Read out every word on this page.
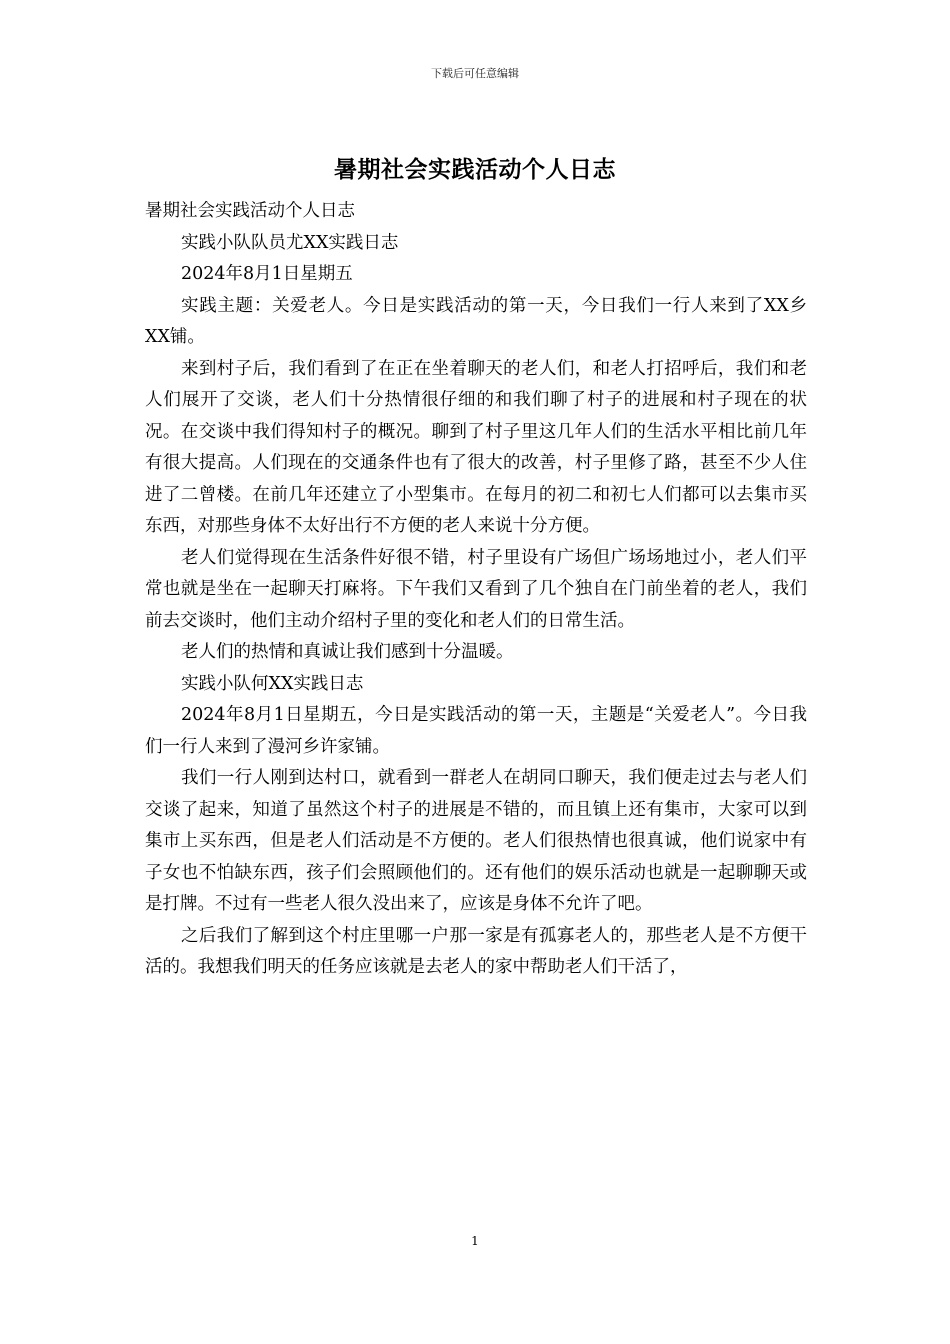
下载后可任意编辑
暑期社会实践活动个人日志

暑期社会实践活动个人日志

实践小队队员尤XX实践日志

2024年8月1日星期五

实践主题：关爱老人。今日是实践活动的第一天，今日我们一行人来到了XX乡XX铺。

来到村子后，我们看到了在正在坐着聊天的老人们，和老人打招呼后，我们和老人们展开了交谈，老人们十分热情很仔细的和我们聊了村子的进展和村子现在的状况。在交谈中我们得知村子的概况。聊到了村子里这几年人们的生活水平相比前几年有很大提高。人们现在的交通条件也有了很大的改善，村子里修了路，甚至不少人住进了二曾楼。在前几年还建立了小型集市。在每月的初二和初七人们都可以去集市买东西，对那些身体不太好出行不方便的老人来说十分方便。

老人们觉得现在生活条件好很不错，村子里设有广场但广场场地过小，老人们平常也就是坐在一起聊天打麻将。下午我们又看到了几个独自在门前坐着的老人，我们前去交谈时，他们主动介绍村子里的变化和老人们的日常生活。

老人们的热情和真诚让我们感到十分温暖。

实践小队何XX实践日志

2024年8月1日星期五，今日是实践活动的第一天，主题是“关爱老人”。今日我们一行人来到了漫河乡许家铺。

我们一行人刚到达村口，就看到一群老人在胡同口聊天，我们便走过去与老人们交谈了起来，知道了虽然这个村子的进展是不错的，而且镇上还有集市，大家可以到集市上买东西，但是老人们活动是不方便的。老人们很热情也很真诚，他们说家中有子女也不怕缺东西，孩子们会照顾他们的。还有他们的娱乐活动也就是一起聊聊天或是打牌。不过有一些老人很久没出来了，应该是身体不允许了吧。

之后我们了解到这个村庄里哪一户那一家是有孤寡老人的，那些老人是不方便干活的。我想我们明天的任务应该就是去老人的家中帮助老人们干活了，

1
